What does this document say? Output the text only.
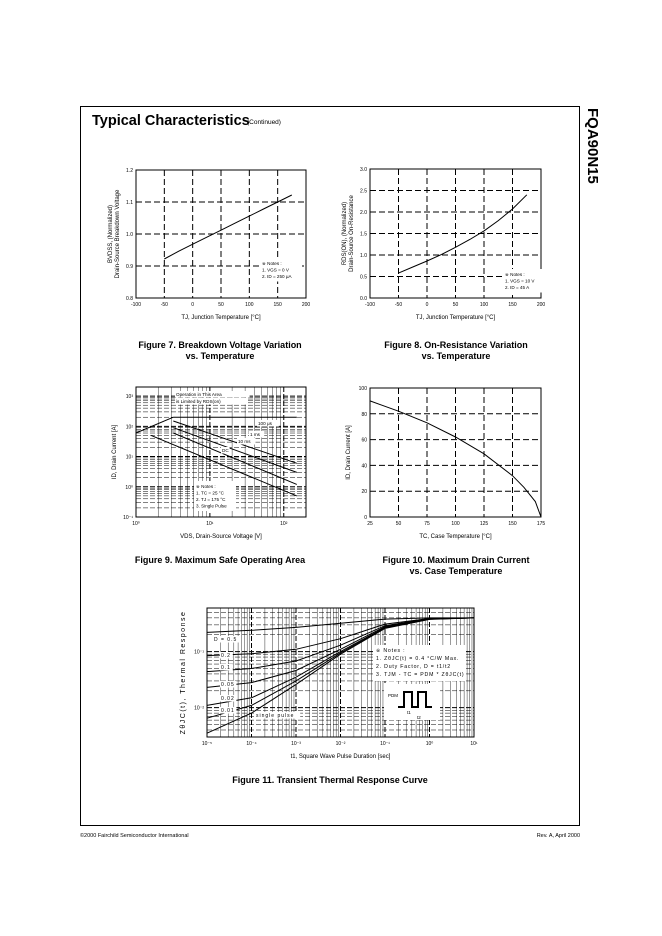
FQA90N15
Typical Characteristics
(Continued)
-100	-50	0	50	100	150	200
0.8
0.9
1.0
1.1
1.2
TJ, Junction Temperature [°C]
BVDSS, (Normalized) Drain-Source Breakdown Voltage	※ Notes :
1. VGS = 0 V
2. ID = 250 μA
-100	-50	0	50	100	150	200
0.0
0.5
1.0
1.5
2.0
2.5
3.0
TJ, Junction Temperature [°C]
RDS(ON), (Normalized) Drain-Source On-Resistance
※ Notes :
1. VGS = 10 V
2. ID = 45 A
10⁰	10¹	10²
10⁻¹
10⁰
10¹
10²
10³
VDS, Drain-Source Voltage [V]
ID, Drain Current [A]
※ Notes :
1. TC = 25 °C
2. TJ = 175 °C
3. Single Pulse
Operation in This Area
is Limited by RDS(on)
100 μs
1 ms
10 ms
DC
25	50	75	100	125	150	175
0
20
40
60
80
100
TC, Case Temperature [°C]
ID, Drain Current [A]
10⁻⁵	10⁻⁴	10⁻³	10⁻²	10⁻¹	10⁰	10¹
10⁻²
10⁻¹
t1, Square Wave Pulse Duration [sec]
ZθJC(t), Thermal Response	※ Notes :
1. ZθJC(t) = 0.4 °C/W Max.
2. Duty Factor, D = t1/t2
3. TJM - TC = PDM * ZθJC(t)
D = 0.5
0.2
0.1
0.05
0.02
0.01
single pulse
PDM
t1
t2
Figure 7. Breakdown Voltage Variation
vs. Temperature
Figure 8. On-Resistance Variation
vs. Temperature
Figure 9. Maximum Safe Operating Area	Figure 10. Maximum Drain Current
vs. Case Temperature
Figure 11. Transient Thermal Response Curve
©2000 Fairchild Semiconductor International	Rev. A, April 2000
